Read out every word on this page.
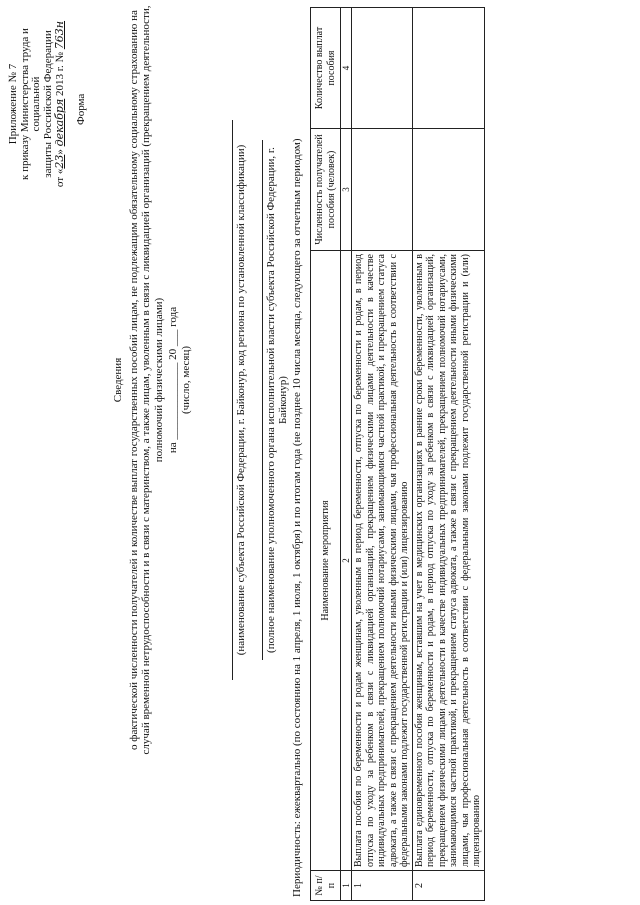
Приложение № 7 к приказу Министерства труда и социальной защиты Российской Федерации
от «23» декабря 2013 г. № 763н
Форма
Сведения о фактической численности получателей и количестве выплат государственных пособий лицам, не подлежащим обязательному социальному страхованию на случай временной нетрудоспособности и в связи с материнством, а также лицам, уволенным в связи с ликвидацией организаций (прекращением деятельности, полномочий физическими лицами) на ______________ 20 ___ года (число, месяц)	(наименование субъекта Российской Федерации, г. Байконур, код региона по установленной классификации) (полное наименование уполномоченного органа исполнительной власти субъекта Российской Федерации, г. Байконур) Периодичность: ежеквартально (по состоянию на 1 апреля, 1 июля, 1 октября) и по итогам года (не позднее 10 числа месяца, следующего за отчетным периодом) № п/п	Наименование мероприятия	Численность получателей пособия (человек)	Количество выплат пособия
1	2	3	4
1	Выплата пособия по беременности и родам женщинам, уволенным в период беременности, отпуска по беременности и родам, в период отпуска по уходу за ребенком в связи с ликвидацией организаций, прекращением физическими лицами деятельности в качестве индивидуальных предпринимателей, прекращением полномочий нотариусами, занимающимися частной практикой, и прекращением статуса адвоката, а также в связи с прекращением деятельности иными физическими лицами, чья профессиональная деятельность в соответствии с федеральными законами подлежит государственной регистрации и (или) лицензированию		
2	Выплата единовременного пособия женщинам, вставшим на учет в медицинских организациях в ранние сроки беременности, уволенным в период беременности, отпуска по беременности и родам, в период отпуска по уходу за ребенком в связи с ликвидацией организаций, прекращением физическими лицами деятельности в качестве индивидуальных предпринимателей, прекращением полномочий нотариусами, занимающимися частной практикой, и прекращением статуса адвоката, а также в связи с прекращением деятельности иными физическими лицами, чья профессиональная деятельность в соответствии с федеральными законами подлежит государственной регистрации и (или) лицензированию		
